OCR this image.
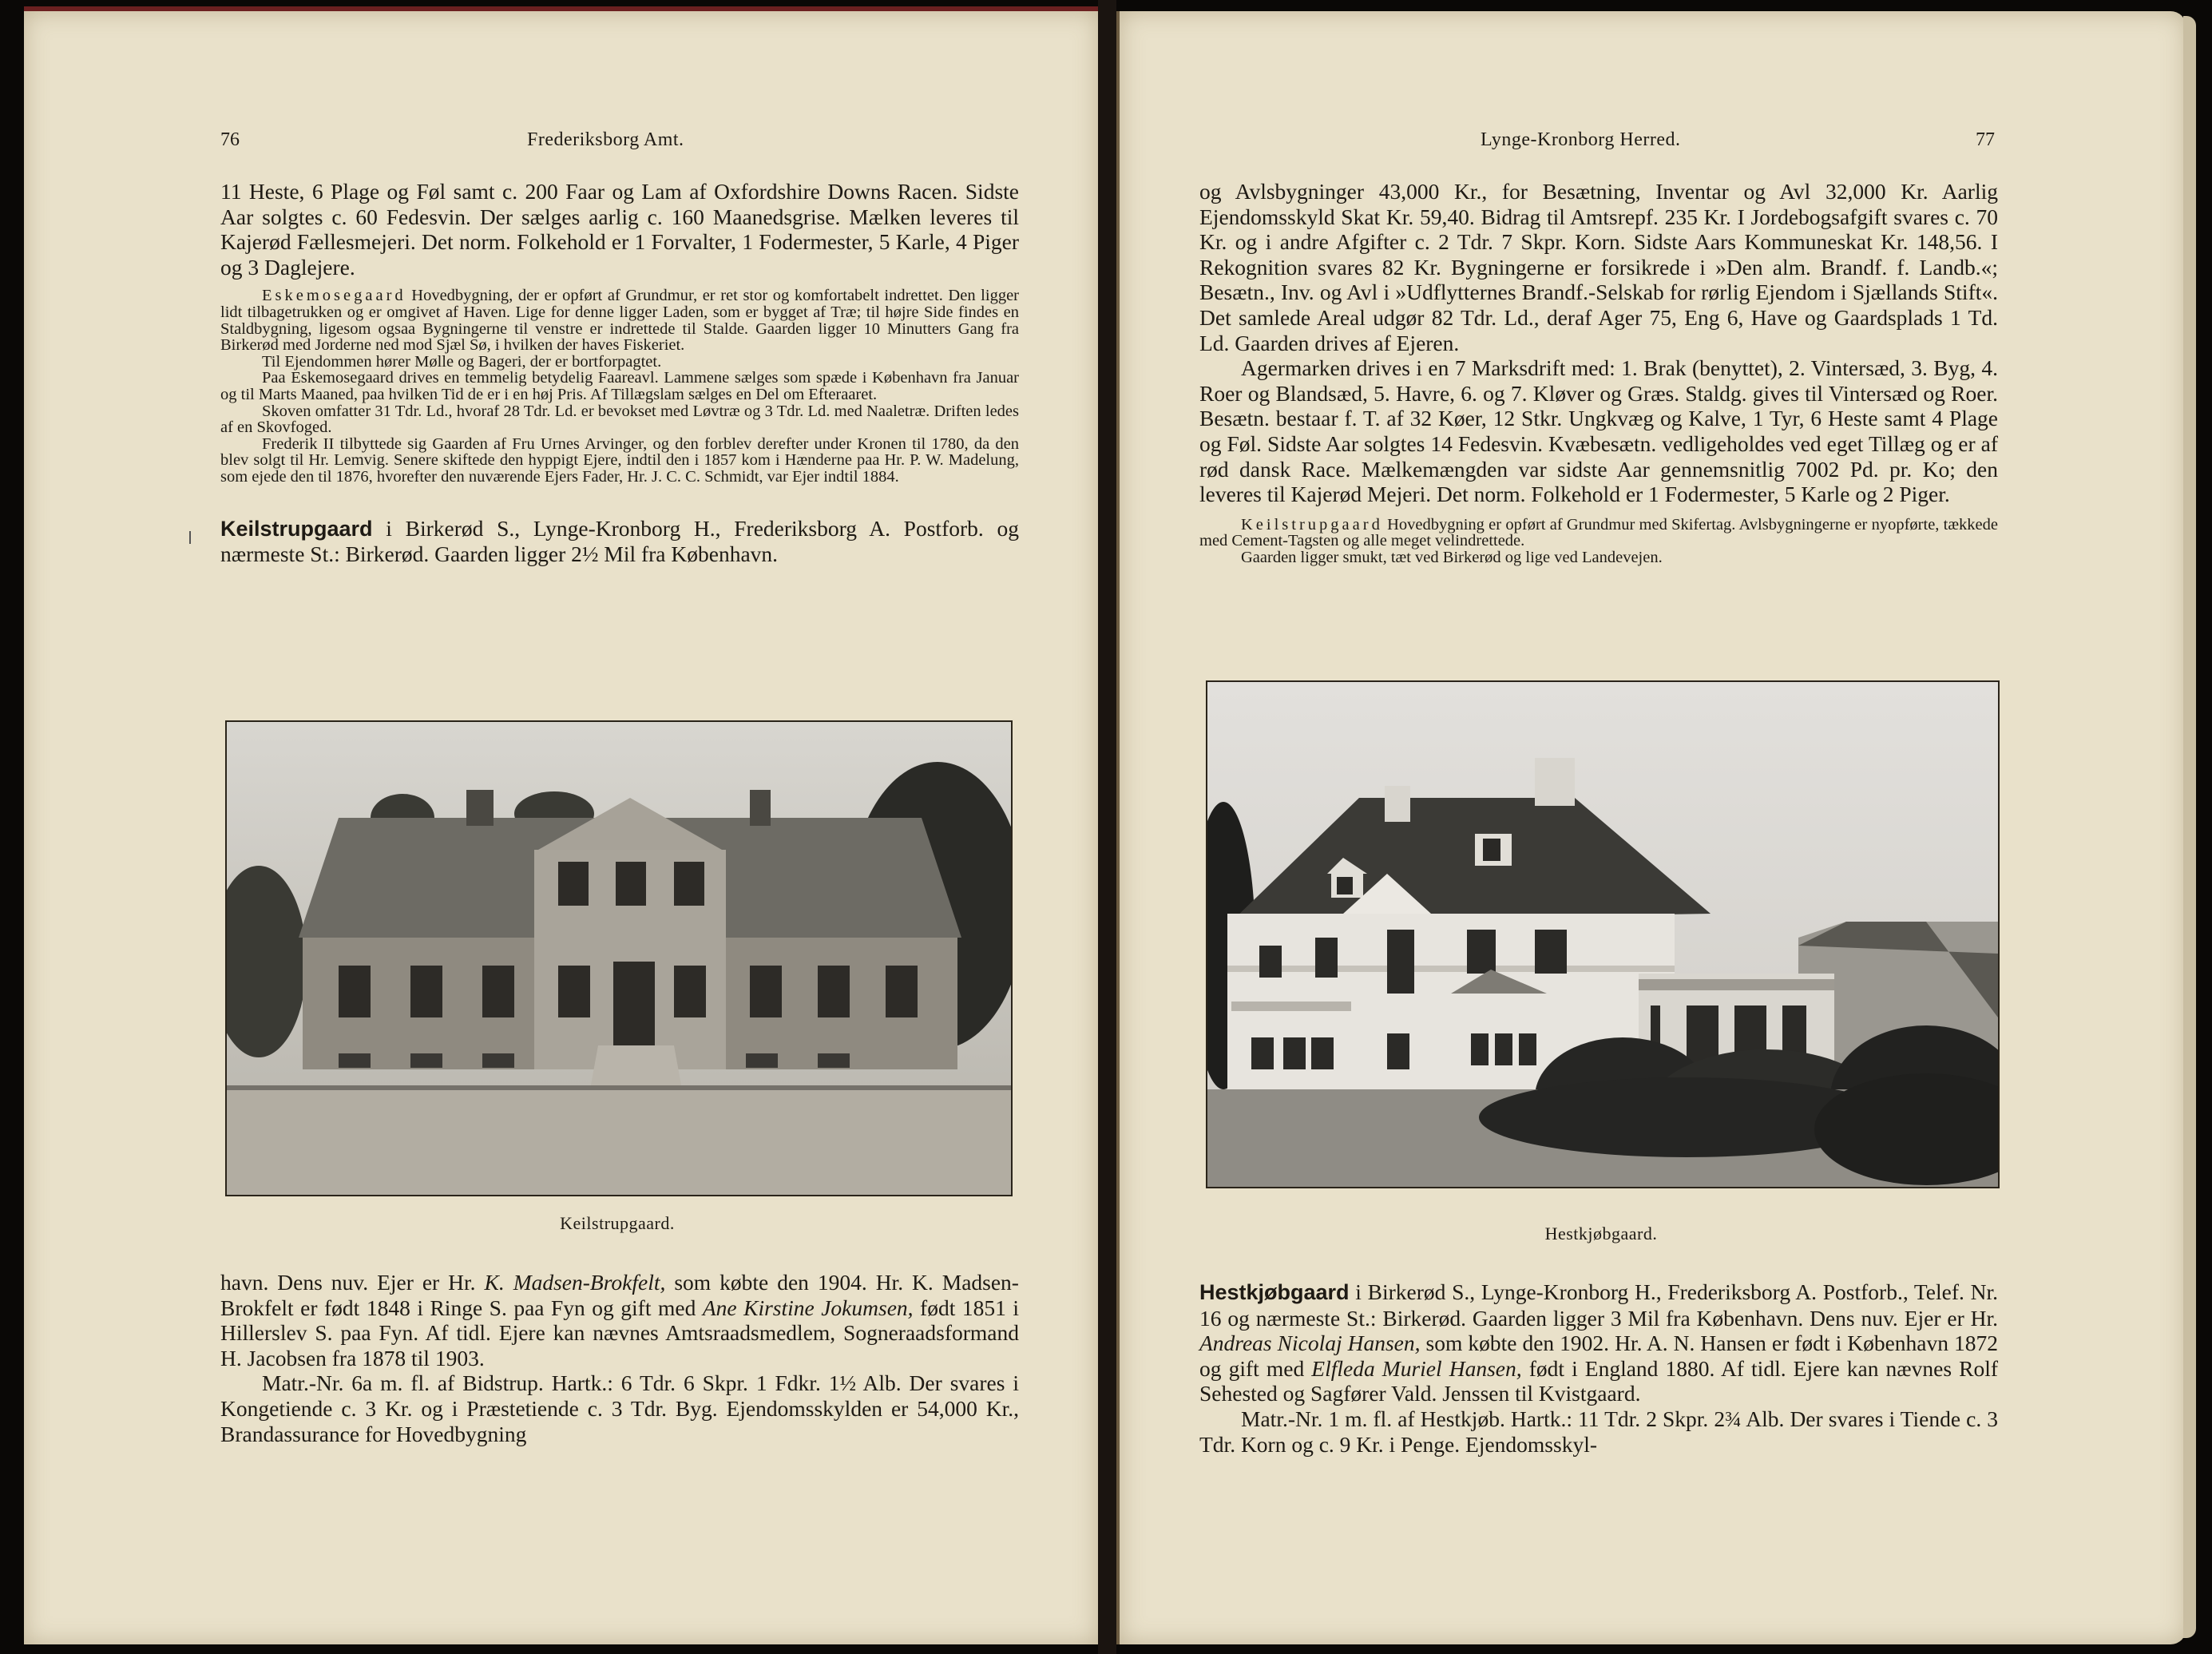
76	Frederiksborg Amt.

11 Heste, 6 Plage og Føl samt c. 200 Faar og Lam af Oxfordshire Downs Racen. Sidste Aar solgtes c. 60 Fedesvin. Der sælges aarlig c. 160 Maanedsgrise. Mælken leveres til Kajerød Fællesmejeri. Det norm. Folkehold er 1 Forvalter, 1 Fodermester, 5 Karle, 4 Piger og 3 Daglejere.

Eskemosegaard Hovedbygning, der er opført af Grundmur, er ret stor og komfortabelt indrettet. Den ligger lidt tilbagetrukken og er omgivet af Haven. Lige for denne ligger Laden, som er bygget af Træ; til højre Side findes en Staldbygning, ligesom ogsaa Bygningerne til venstre er indrettede til Stalde. Gaarden ligger 10 Minutters Gang fra Birkerød med Jorderne ned mod Sjæl Sø, i hvilken der haves Fiskeriet.

Til Ejendommen hører Mølle og Bageri, der er bortforpagtet.

Paa Eskemosegaard drives en temmelig betydelig Faareavl. Lammene sælges som spæde i København fra Januar og til Marts Maaned, paa hvilken Tid de er i en høj Pris. Af Tillægslam sælges en Del om Efteraaret.

Skoven omfatter 31 Tdr. Ld., hvoraf 28 Tdr. Ld. er bevokset med Løvtræ og 3 Tdr. Ld. med Naaletræ. Driften ledes af en Skovfoged.

Frederik II tilbyttede sig Gaarden af Fru Urnes Arvinger, og den forblev derefter under Kronen til 1780, da den blev solgt til Hr. Lemvig. Senere skiftede den hyppigt Ejere, indtil den i 1857 kom i Hænderne paa Hr. P. W. Madelung, som ejede den til 1876, hvorefter den nuværende Ejers Fader, Hr. J. C. C. Schmidt, var Ejer indtil 1884.

Keilstrupgaard i Birkerød S., Lynge-Kronborg H., Frederiksborg A. Postforb. og nærmeste St.: Birkerød. Gaarden ligger 2½ Mil fra København.

Keilstrupgaard.

havn. Dens nuv. Ejer er Hr. K. Madsen-Brokfelt, som købte den 1904. Hr. K. Madsen-Brokfelt er født 1848 i Ringe S. paa Fyn og gift med Ane Kirstine Jokumsen, født 1851 i Hillerslev S. paa Fyn. Af tidl. Ejere kan nævnes Amtsraadsmedlem, Sogneraadsformand H. Jacobsen fra 1878 til 1903.

Matr.-Nr. 6a m. fl. af Bidstrup. Hartk.: 6 Tdr. 6 Skpr. 1 Fdkr. 1½ Alb. Der svares i Kongetiende c. 3 Kr. og i Præstetiende c. 3 Tdr. Byg. Ejendomsskylden er 54,000 Kr., Brandassurance for Hovedbygning

Lynge-Kronborg Herred.	77

og Avlsbygninger 43,000 Kr., for Besætning, Inventar og Avl 32,000 Kr. Aarlig Ejendomsskyld Skat Kr. 59,40. Bidrag til Amtsrepf. 235 Kr. I Jordebogsafgift svares c. 70 Kr. og i andre Afgifter c. 2 Tdr. 7 Skpr. Korn. Sidste Aars Kommuneskat Kr. 148,56. I Rekognition svares 82 Kr. Bygningerne er forsikrede i »Den alm. Brandf. f. Landb.«; Besætn., Inv. og Avl i »Udflytternes Brandf.-Selskab for rørlig Ejendom i Sjællands Stift«. Det samlede Areal udgør 82 Tdr. Ld., deraf Ager 75, Eng 6, Have og Gaardsplads 1 Td. Ld. Gaarden drives af Ejeren.

Agermarken drives i en 7 Marksdrift med: 1. Brak (benyttet), 2. Vintersæd, 3. Byg, 4. Roer og Blandsæd, 5. Havre, 6. og 7. Kløver og Græs. Staldg. gives til Vintersæd og Roer. Besætn. bestaar f. T. af 32 Køer, 12 Stkr. Ungkvæg og Kalve, 1 Tyr, 6 Heste samt 4 Plage og Føl. Sidste Aar solgtes 14 Fedesvin. Kvæbesætn. vedligeholdes ved eget Tillæg og er af rød dansk Race. Mælkemængden var sidste Aar gennemsnitlig 7002 Pd. pr. Ko; den leveres til Kajerød Mejeri. Det norm. Folkehold er 1 Fodermester, 5 Karle og 2 Piger.

Keilstrupgaard Hovedbygning er opført af Grundmur med Skifertag. Avlsbygningerne er nyopførte, tækkede med Cement-Tagsten og alle meget velindrettede.

Gaarden ligger smukt, tæt ved Birkerød og lige ved Landevejen.

Hestkjøbgaard.

Hestkjøbgaard i Birkerød S., Lynge-Kronborg H., Frederiksborg A. Postforb., Telef. Nr. 16 og nærmeste St.: Birkerød. Gaarden ligger 3 Mil fra København. Dens nuv. Ejer er Hr. Andreas Nicolaj Hansen, som købte den 1902. Hr. A. N. Hansen er født i København 1872 og gift med Elfleda Muriel Hansen, født i England 1880. Af tidl. Ejere kan nævnes Rolf Sehested og Sagfører Vald. Jenssen til Kvistgaard.

Matr.-Nr. 1 m. fl. af Hestkjøb. Hartk.: 11 Tdr. 2 Skpr. 2¾ Alb. Der svares i Tiende c. 3 Tdr. Korn og c. 9 Kr. i Penge. Ejendomsskyl-
